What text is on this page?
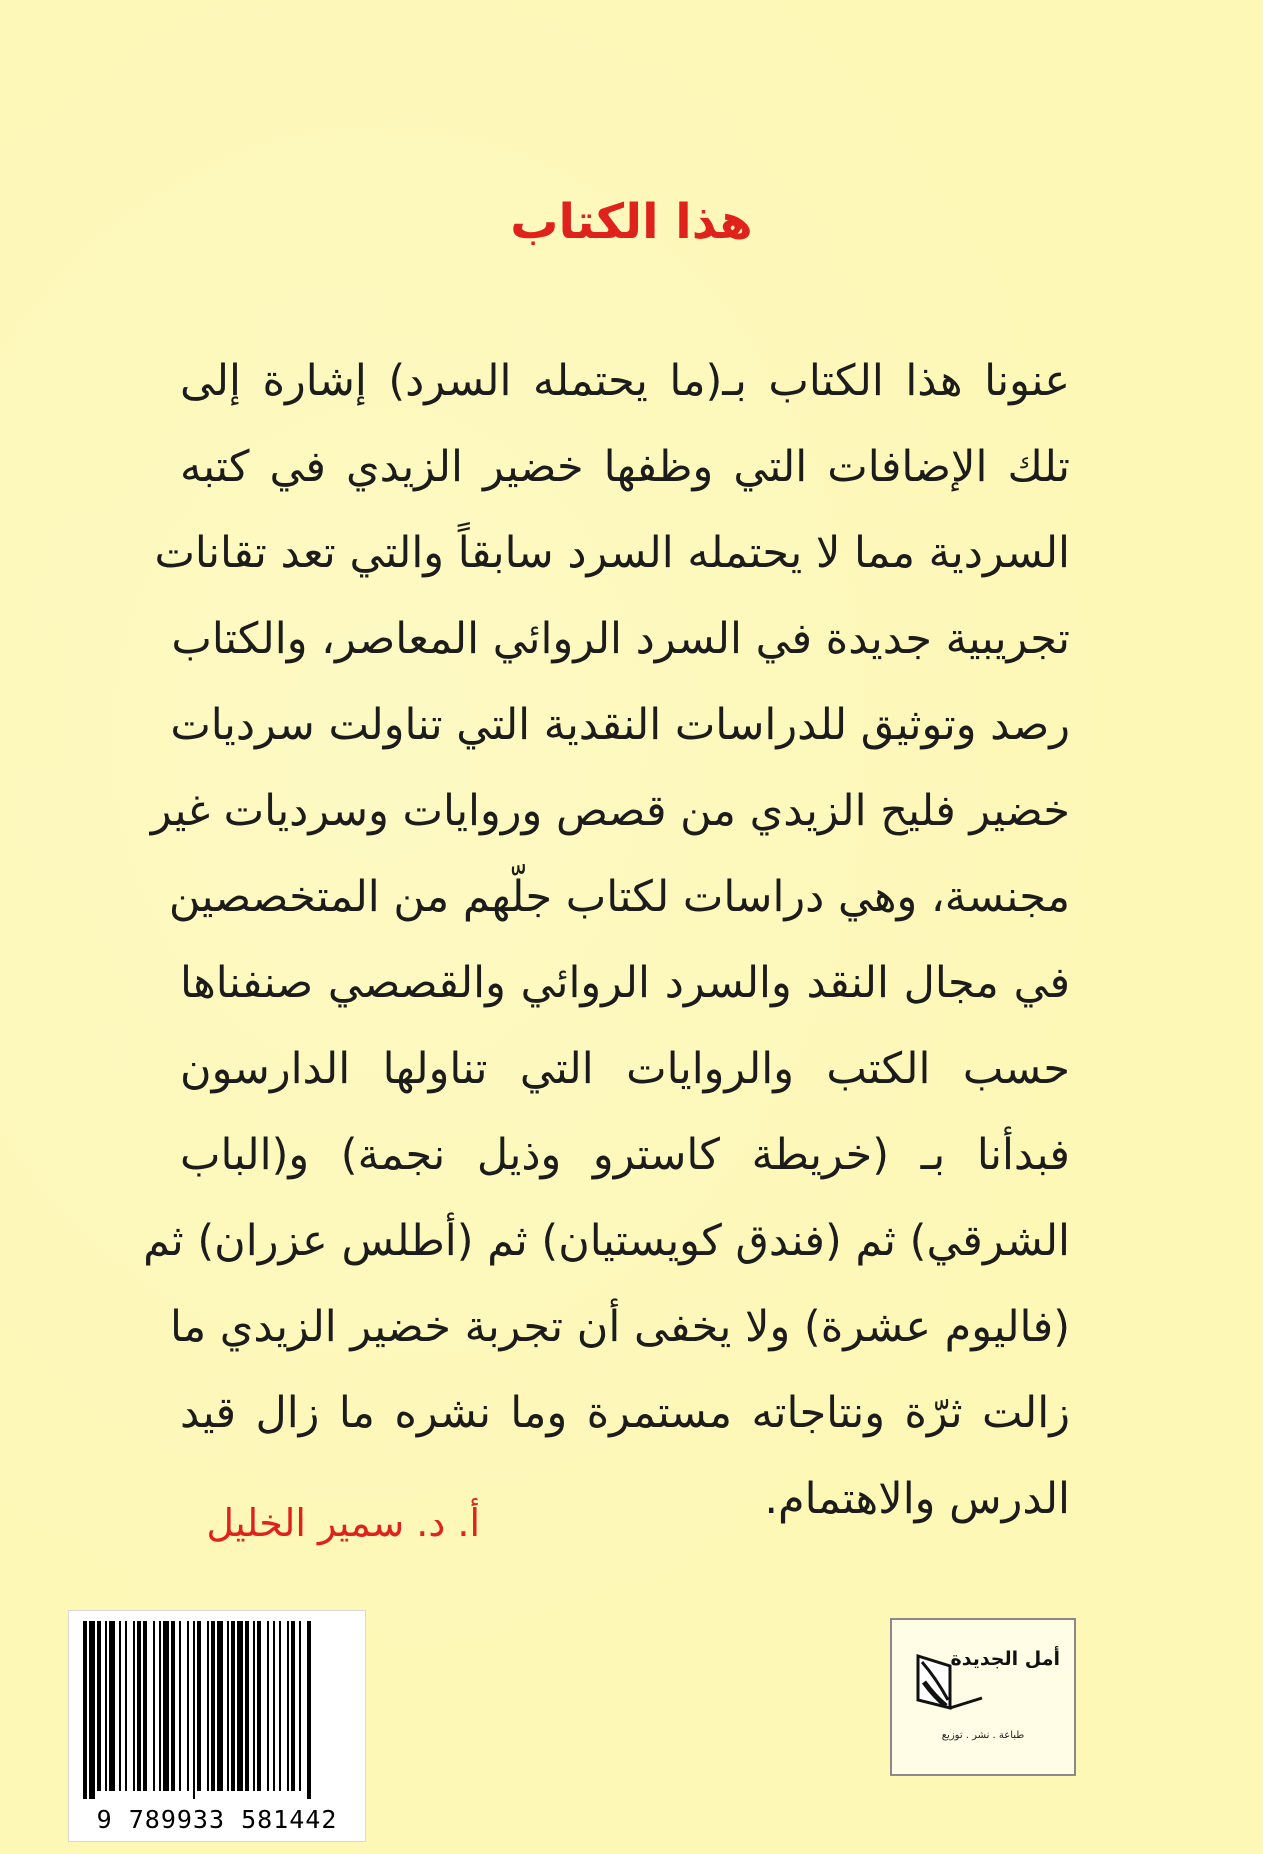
هذا الكتاب
عنونا هذا الكتاب بـ(ما يحتمله السرد) إشارة إلى
تلك الإضافات التي وظفها خضير الزيدي في كتبه
السردية مما لا يحتمله السرد سابقاً والتي تعد تقانات
تجريبية جديدة في السرد الروائي المعاصر، والكتاب
رصد وتوثيق للدراسات النقدية التي تناولت سرديات
خضير فليح الزيدي من قصص وروايات وسرديات غير
مجنسة، وهي دراسات لكتاب جلّهم من المتخصصين
في مجال النقد والسرد الروائي والقصصي صنفناها
حسب الكتب والروايات التي تناولها الدارسون
فبدأنا بـ (خريطة كاسترو وذيل نجمة) و(الباب
الشرقي) ثم (فندق كويستيان) ثم (أطلس عزران) ثم
(فاليوم عشرة) ولا يخفى أن تجربة خضير الزيدي ما
زالت ثرّة ونتاجاته مستمرة وما نشره ما زال قيد
الدرس والاهتمام.
أ. د. سمير الخليل
9 789933 581442
أمل الجديدة
طباعة . نشر . توزيع
